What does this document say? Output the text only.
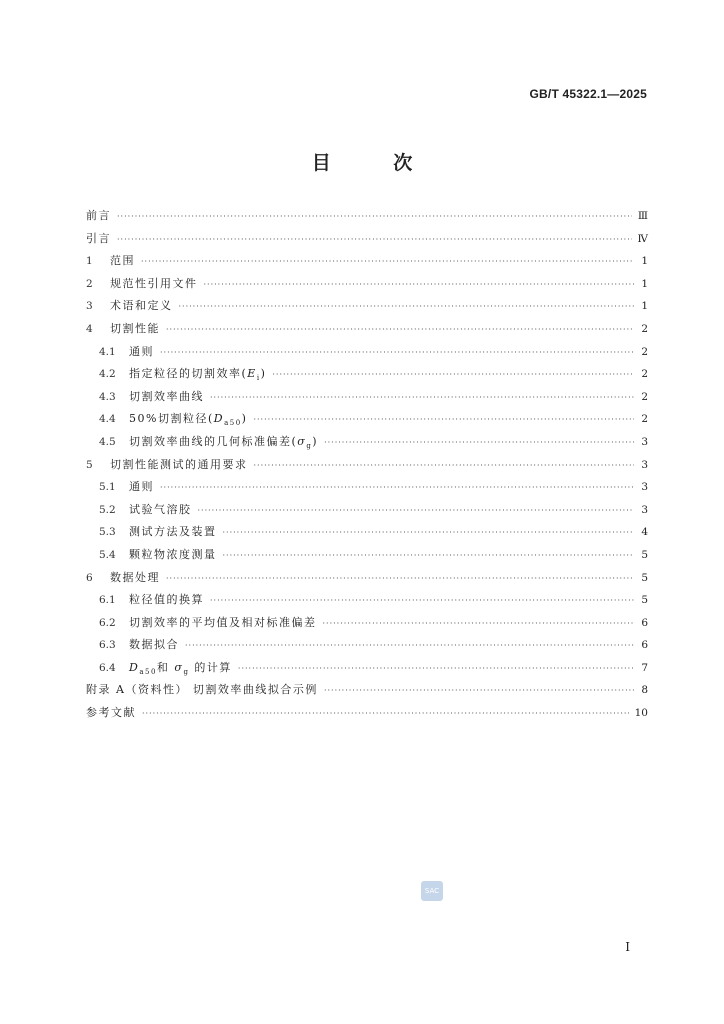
GB/T 45322.1—2025
目 次
前言 ·····	Ⅲ
引言 ·····	Ⅳ
1	范围 ·····	1
2	规范性引用文件 ·····	1
3	术语和定义 ·····	1
4	切割性能 ·····	2
4.1	通则 ·····	2
4.2	指定粒径的切割效率$(E_i)$ ·····	2
4.3	切割效率曲线 ·····	2
4.4	50%切割粒径$(D_{a50})$ ·····	2
4.5	切割效率曲线的几何标准偏差$(\sigma_g)$ ·····	3
5	切割性能测试的通用要求 ·····	3
5.1	通则 ·····	3
5.2	试验气溶胶 ·····	3
5.3	测试方法及装置 ·····	4
5.4	颗粒物浓度测量 ·····	5
6	数据处理 ·····	5
6.1	粒径值的换算 ·····	5
6.2	切割效率的平均值及相对标准偏差 ·····	6
6.3	数据拟合 ·····	6
6.4	$D_{a50}$和 $\sigma_g$ 的计算 ·····	7
附录 A（资料性） 切割效率曲线拟合示例 ·····	8
参考文献 ·····	10
SAC
I
